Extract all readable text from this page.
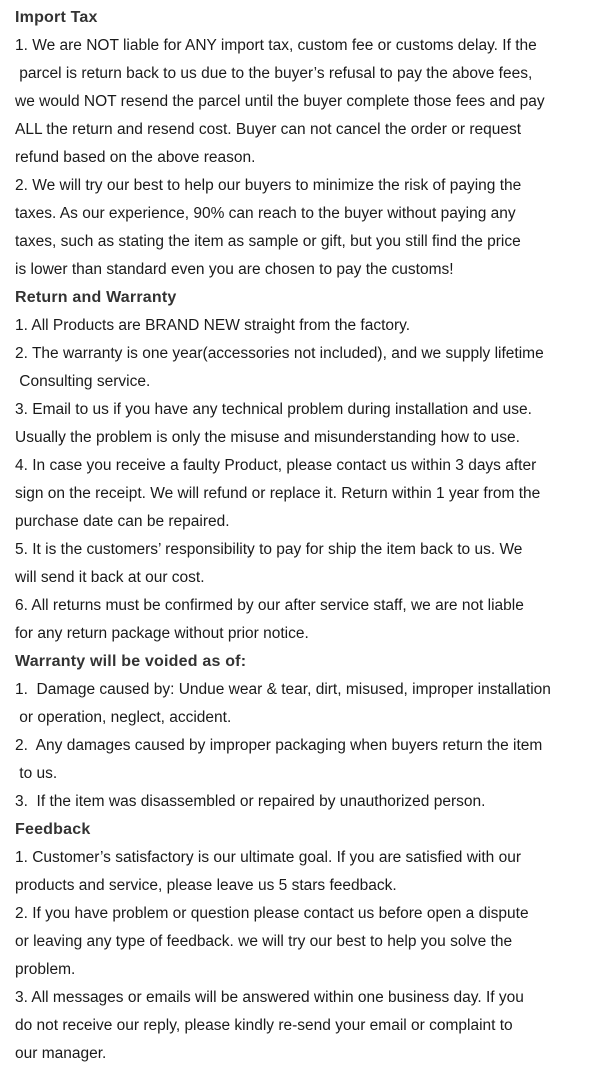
Import Tax
1. We are NOT liable for ANY import tax, custom fee or customs delay. If the
parcel is return back to us due to the buyer’s refusal to pay the above fees,
we would NOT resend the parcel until the buyer complete those fees and pay
ALL the return and resend cost. Buyer can not cancel the order or request
refund based on the above reason.
2. We will try our best to help our buyers to minimize the risk of paying the
taxes. As our experience, 90% can reach to the buyer without paying any
taxes, such as stating the item as sample or gift, but you still find the price
is lower than standard even you are chosen to pay the customs!
Return and Warranty
1. All Products are BRAND NEW straight from the factory.
2. The warranty is one year(accessories not included), and we supply lifetime
Consulting service.
3. Email to us if you have any technical problem during installation and use.
Usually the problem is only the misuse and misunderstanding how to use.
4. In case you receive a faulty Product, please contact us within 3 days after
sign on the receipt. We will refund or replace it. Return within 1 year from the
purchase date can be repaired.
5. It is the customers’ responsibility to pay for ship the item back to us. We
will send it back at our cost.
6. All returns must be confirmed by our after service staff, we are not liable
for any return package without prior notice.
Warranty will be voided as of:
1.  Damage caused by: Undue wear & tear, dirt, misused, improper installation
or operation, neglect, accident.
2.  Any damages caused by improper packaging when buyers return the item
to us.
3.  If the item was disassembled or repaired by unauthorized person.
Feedback
1. Customer’s satisfactory is our ultimate goal. If you are satisfied with our
products and service, please leave us 5 stars feedback.
2. If you have problem or question please contact us before open a dispute
or leaving any type of feedback. we will try our best to help you solve the
problem.
3. All messages or emails will be answered within one business day. If you
do not receive our reply, please kindly re-send your email or complaint to
our manager.
